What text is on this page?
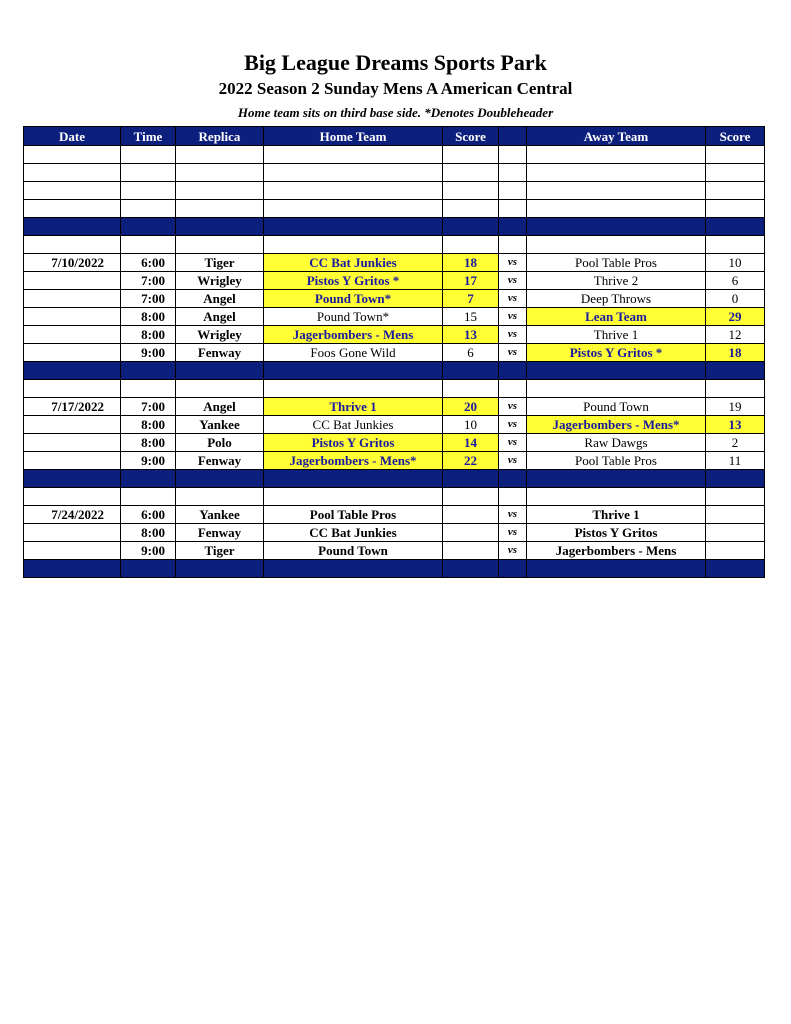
Big League Dreams Sports Park
2022 Season 2 Sunday Mens A American Central
Home team sits on third base side. *Denotes Doubleheader
Date	Time	Replica	Home Team	Score		Away Team	Score

7/10/2022	6:00	Tiger	CC Bat Junkies	18	vs	Pool Table Pros	10
	7:00	Wrigley	Pistos Y Gritos *	17	vs	Thrive 2	6
	7:00	Angel	Pound Town*	7	vs	Deep Throws	0
	8:00	Angel	Pound Town*	15	vs	Lean Team	29
	8:00	Wrigley	Jagerbombers - Mens	13	vs	Thrive 1	12
	9:00	Fenway	Foos Gone Wild	6	vs	Pistos Y Gritos *	18

7/17/2022	7:00	Angel	Thrive 1	20	vs	Pound Town	19
	8:00	Yankee	CC Bat Junkies	10	vs	Jagerbombers - Mens*	13
	8:00	Polo	Pistos Y Gritos	14	vs	Raw Dawgs	2
	9:00	Fenway	Jagerbombers - Mens*	22	vs	Pool Table Pros	11

7/24/2022	6:00	Yankee	Pool Table Pros		vs	Thrive 1	
	8:00	Fenway	CC Bat Junkies		vs	Pistos Y Gritos	
	9:00	Tiger	Pound Town		vs	Jagerbombers - Mens	
